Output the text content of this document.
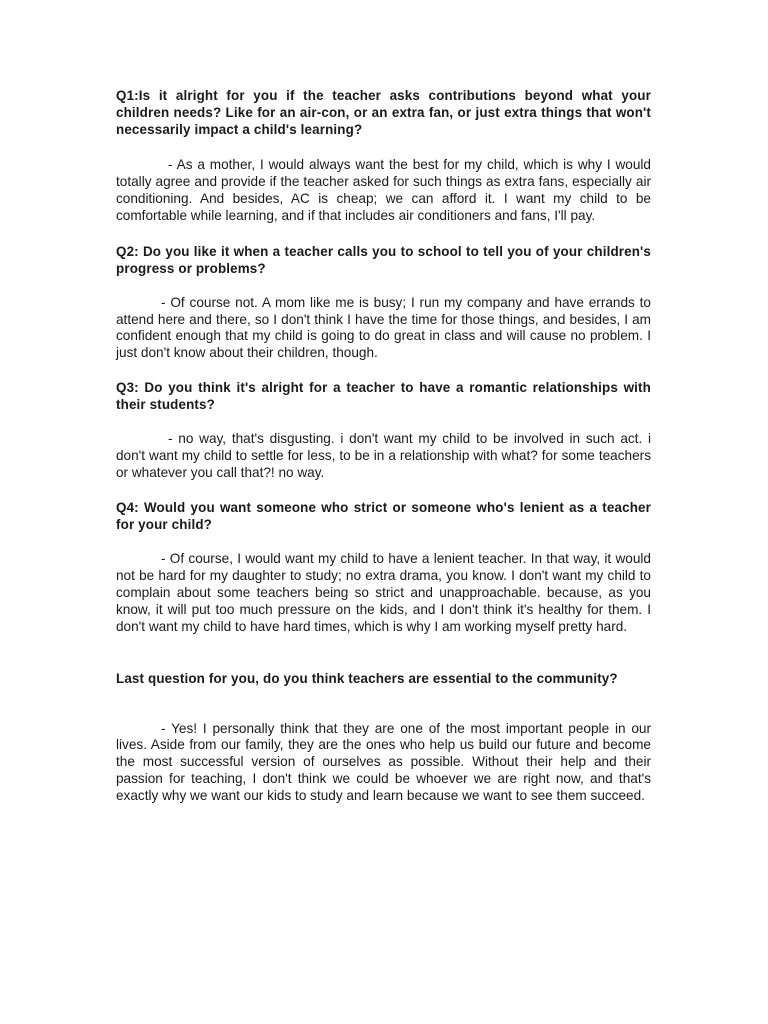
Q1:Is it alright for you if the teacher asks contributions beyond what your children needs? Like for an air-con, or an extra fan, or just extra things that won't necessarily impact a child's learning?

- As a mother, I would always want the best for my child, which is why I would totally agree and provide if the teacher asked for such things as extra fans, especially air conditioning. And besides, AC is cheap; we can afford it. I want my child to be comfortable while learning, and if that includes air conditioners and fans, I'll pay.

Q2: Do you like it when a teacher calls you to school to tell you of your children's progress or problems?

- Of course not. A mom like me is busy; I run my company and have errands to attend here and there, so I don't think I have the time for those things, and besides, I am confident enough that my child is going to do great in class and will cause no problem. I just don't know about their children, though.

Q3: Do you think it's alright for a teacher to have a romantic relationships with their students?

- no way, that's disgusting. i don't want my child to be involved in such act. i don't want my child to settle for less, to be in a relationship with what? for some teachers or whatever you call that?! no way.

Q4: Would you want someone who strict or someone who's lenient as a teacher for your child?

- Of course, I would want my child to have a lenient teacher. In that way, it would not be hard for my daughter to study; no extra drama, you know. I don't want my child to complain about some teachers being so strict and unapproachable. because, as you know, it will put too much pressure on the kids, and I don't think it's healthy for them. I don't want my child to have hard times, which is why I am working myself pretty hard.

Last question for you, do you think teachers are essential to the community?

- Yes! I personally think that they are one of the most important people in our lives. Aside from our family, they are the ones who help us build our future and become the most successful version of ourselves as possible. Without their help and their passion for teaching, I don't think we could be whoever we are right now, and that's exactly why we want our kids to study and learn because we want to see them succeed.
